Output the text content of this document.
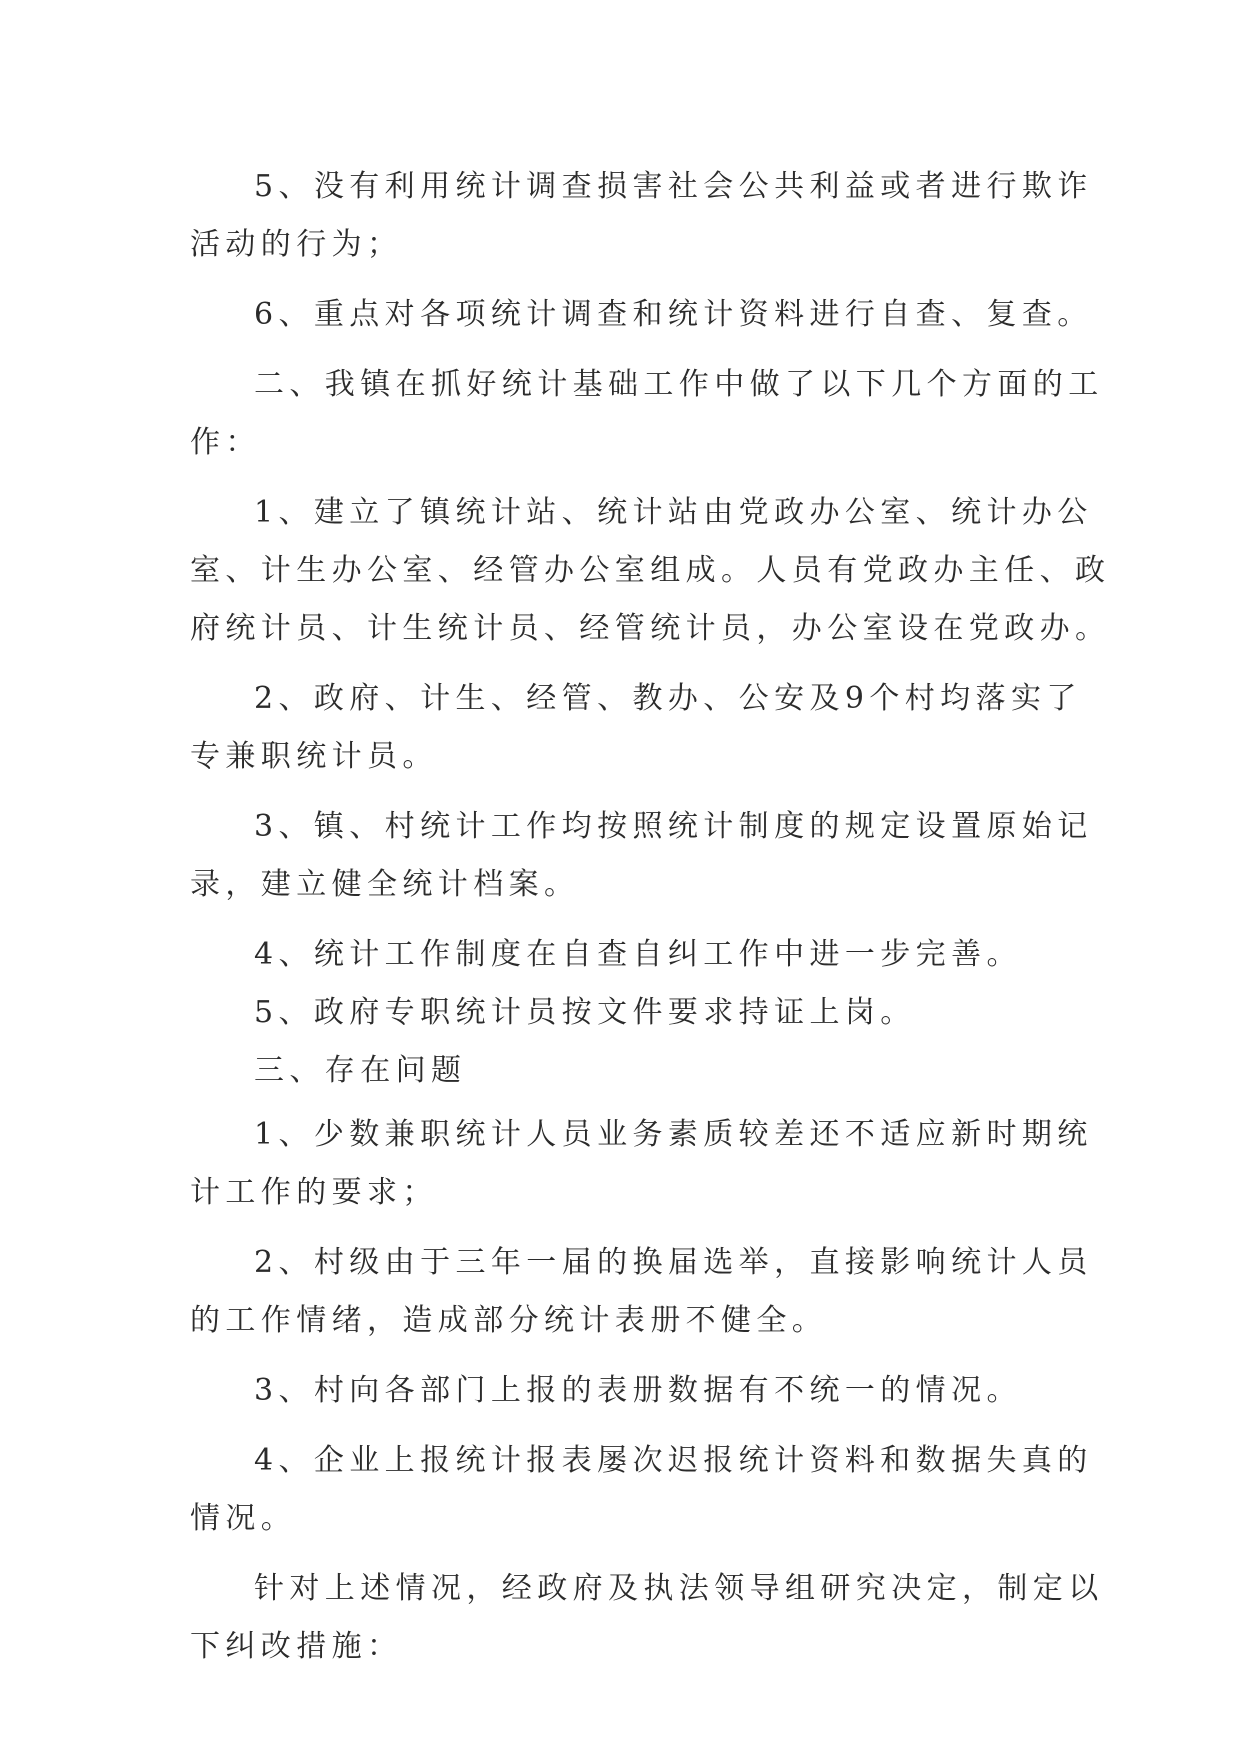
5、没有利用统计调查损害社会公共利益或者进行欺诈
活动的行为；
6、重点对各项统计调查和统计资料进行自查、复查。
二、我镇在抓好统计基础工作中做了以下几个方面的工
作：
1、建立了镇统计站、统计站由党政办公室、统计办公
室、计生办公室、经管办公室组成。人员有党政办主任、政
府统计员、计生统计员、经管统计员，办公室设在党政办。
2、政府、计生、经管、教办、公安及9个村均落实了
专兼职统计员。
3、镇、村统计工作均按照统计制度的规定设置原始记
录，建立健全统计档案。
4、统计工作制度在自查自纠工作中进一步完善。
5、政府专职统计员按文件要求持证上岗。
三、存在问题
1、少数兼职统计人员业务素质较差还不适应新时期统
计工作的要求；
2、村级由于三年一届的换届选举，直接影响统计人员
的工作情绪，造成部分统计表册不健全。
3、村向各部门上报的表册数据有不统一的情况。
4、企业上报统计报表屡次迟报统计资料和数据失真的
情况。
针对上述情况，经政府及执法领导组研究决定，制定以
下纠改措施：
